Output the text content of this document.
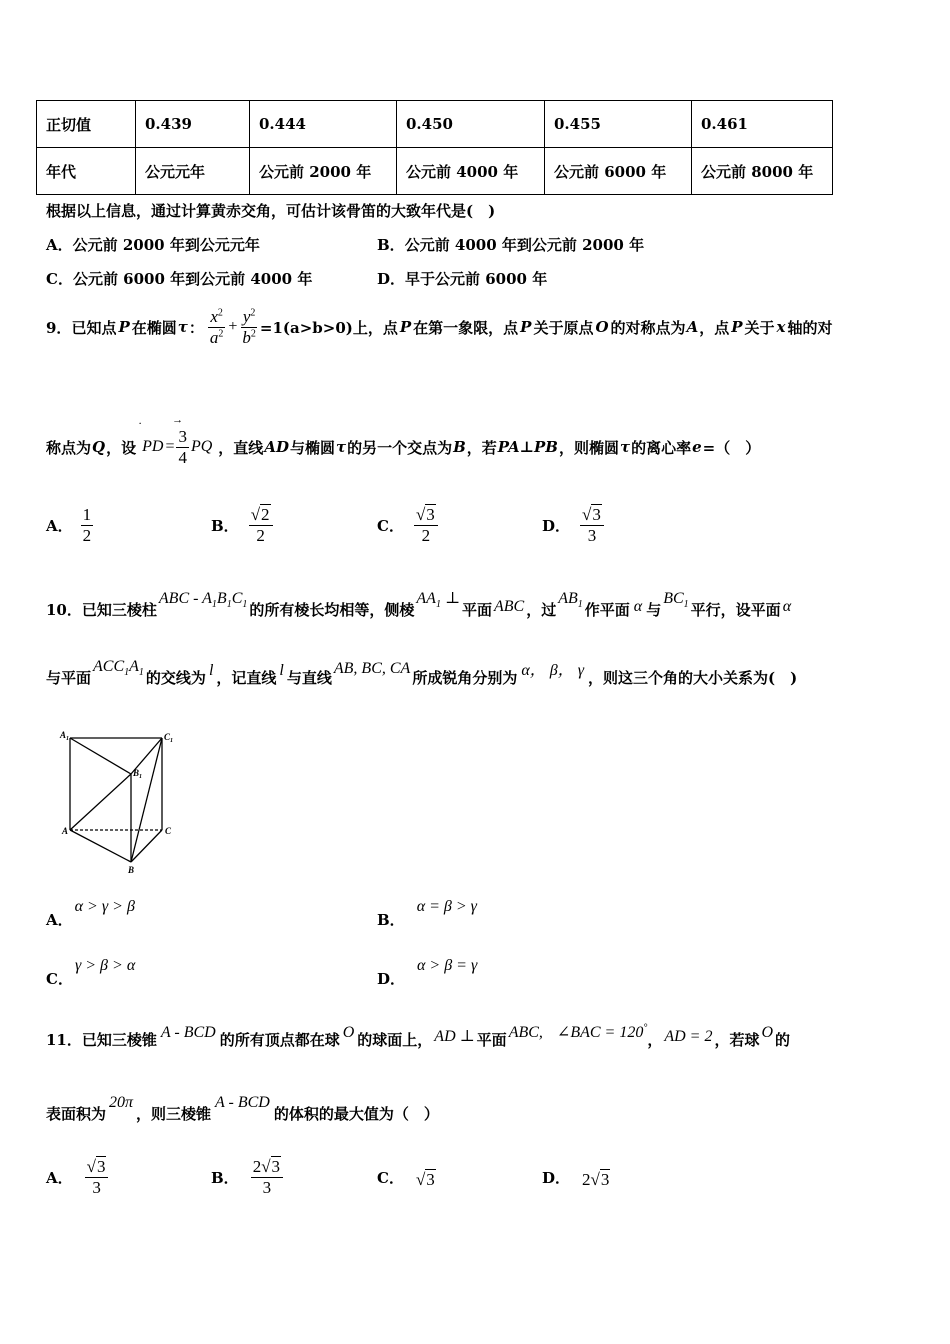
正切值	0.439	0.444	0.450	0.455	0.461
年代	公元元年	公元前 2000 年	公元前 4000 年	公元前 6000 年	公元前 8000 年
根据以上信息，通过计算黄赤交角，可估计该骨笛的大致年代是(　)
A．公元前 2000 年到公元元年	B．公元前 4000 年到公元前 2000 年
C．公元前 6000 年到公元前 4000 年	D．早于公元前 6000 年
9． 已知点 P 在椭圆 τ ： $\frac{x^2}{a^2} + \frac{y^2}{b^2} =1(a>b>0)$上，点 P 在第一象限，点 P 关于原点 O 的对称点为 A ，点 P 关于 x 轴的对
称点为 Q ，设
·	→
PD = $\frac{3}{4}$ PQ ，直线 AD 与椭圆 τ 的另一个交点为 B ，若 PA⊥PB ，则椭圆 τ 的离心率 e =（　）
A． $\frac{1}{2}$	B． $\frac{√2}{2}$	C． $\frac{√3}{2}$	D． $\frac{√3}{3}$
10． 已知三棱柱
ABC - $A_1B_1C_1$ 的所有棱长均相等，侧棱
$AA_1$ ⊥
平面 ABC ，过
$AB_1$ 作平面 α 与
$BC_1$ 平行，设平面 α
与平面
$ACC_1A_1$ 的交线为 l ，记直线 l 与直线
AB, BC, CA
所成锐角分别为 α， β， γ ，则这三个角的大小关系为(　)
$A_1$	$C_1$
$B_1$
A	C
B
A．
α > γ > β
B．
α = β > γ
C．
γ > β > α
D．
α > β = γ
11． 已知三棱锥 A - BCD 的所有顶点都在球 O 的球面上， AD ⊥ 平面 ABC, ∠BAC = 120°
， AD = 2 ，若球 O 的
表面积为
20π
，则三棱锥
A - BCD
的体积的最大值为（　）
A． $\frac{√3}{3}$	B． $\frac{2√3}{3}$	C． √3	D． 2√3
